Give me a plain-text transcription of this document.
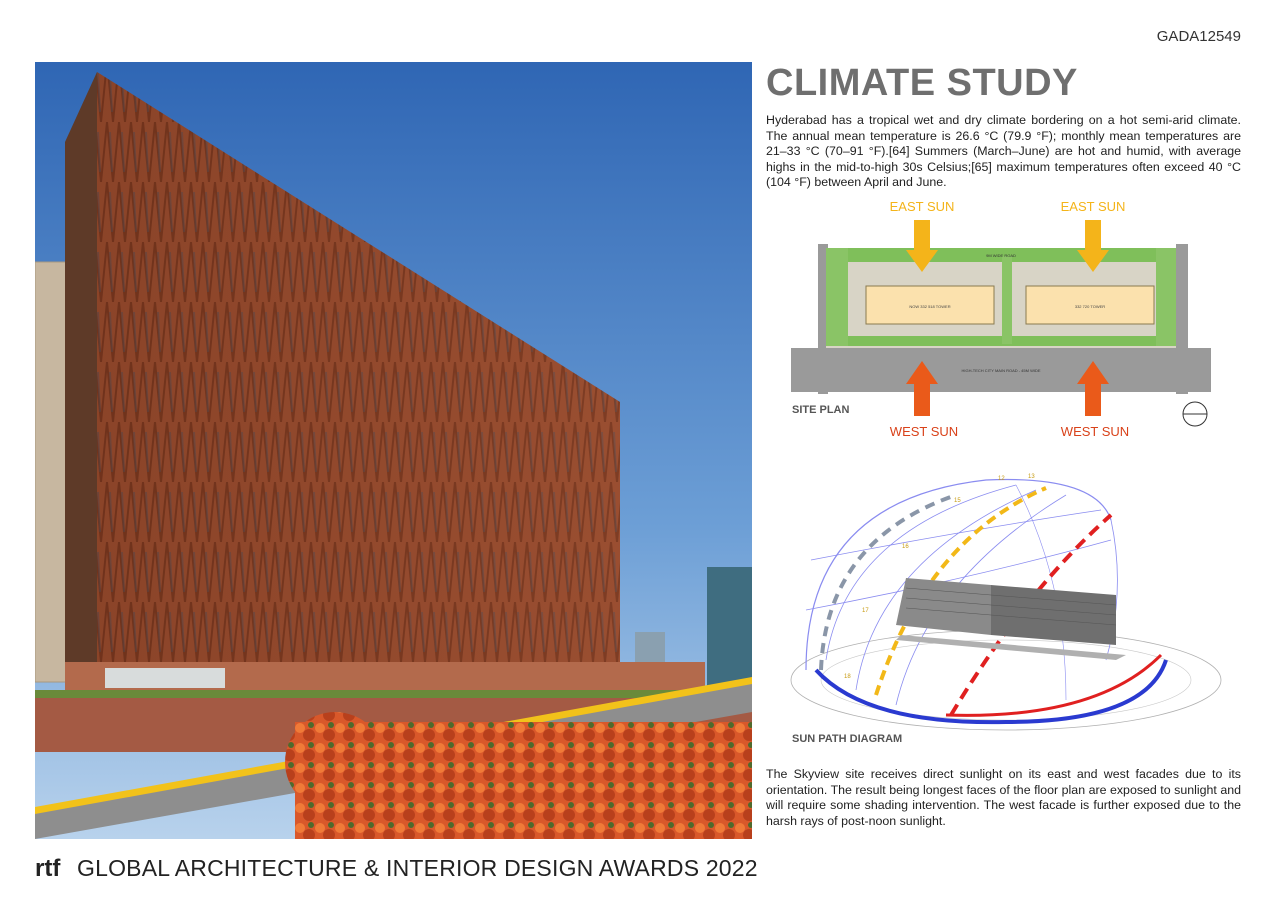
GADA12549
CLIMATE STUDY
Hyderabad has a tropical wet and dry climate bordering on a hot semi-arid climate. The annual mean temperature is 26.6 °C (79.9 °F); monthly mean temperatures are 21–33 °C (70–91 °F).[64] Summers (March–June) are hot and humid, with average highs in the mid-to-high 30s Celsius;[65] maximum temperatures often exceed 40 °C (104 °F) between April and June.
NOW 332 518 TOWER	332 720 TOWER
9M WIDE ROAD
HIGH-TECH CITY MAIN ROAD - 45M WIDE
EAST SUN	EAST SUN
WEST SUN	WEST SUN
SITE PLAN
12	13
15
16
17
18
SUN PATH DIAGRAM
The Skyview site receives direct sunlight on its east and west facades due to its orientation. The result being longest faces of the floor plan are exposed to sunlight and will require some shading intervention. The west facade is further exposed due to the harsh rays of post-noon sunlight.
rtf GLOBAL ARCHITECTURE & INTERIOR DESIGN AWARDS 2022
